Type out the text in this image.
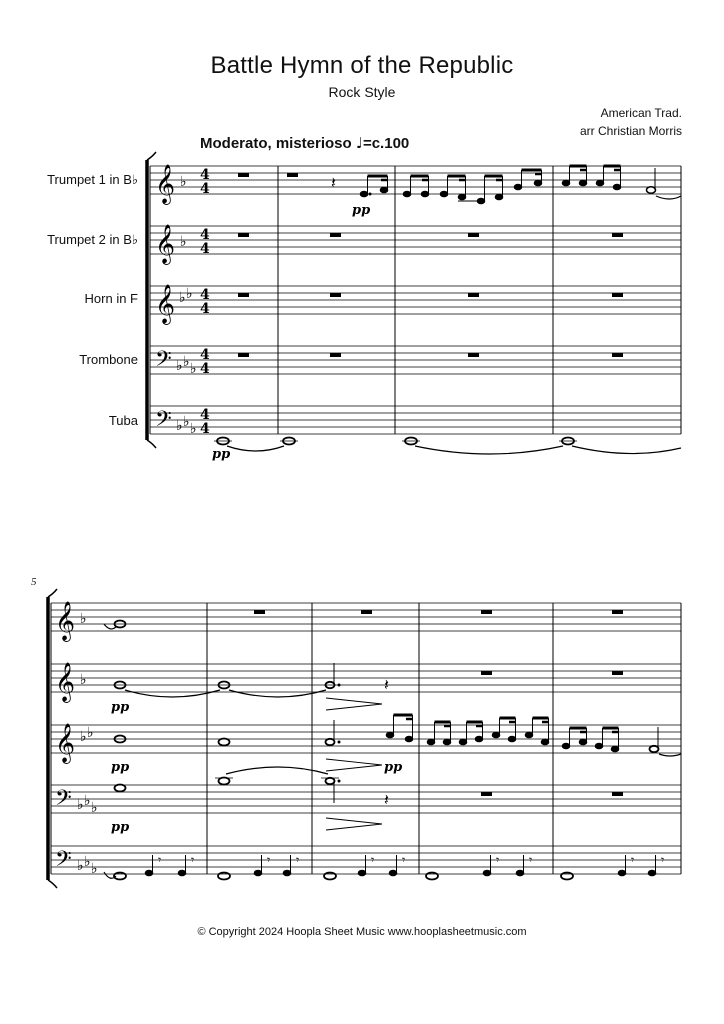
Battle Hymn of the Republic
Rock Style
American Trad.
arr Christian Morris
Moderato, misterioso ♩=c.100
Trumpet 1 in B♭
Trumpet 2 in B♭
Horn in F
Trombone
Tuba
5
𝄞
𝄞
𝄞
𝄢
𝄢
♭
♭
♭ ♭
♭ ♭ ♭
♭ ♭ ♭
4
4
4
4
4
4
4
4
4
4
𝄽
pp
pp
𝄞
𝄞
𝄞
𝄢
𝄢
♭
♭
♭ ♭
♭ ♭ ♭
♭ ♭ ♭
𝄽
pp
pp	pp
𝄽
pp
𝄾 𝄾	𝄾 𝄾	𝄾 𝄾	𝄾 𝄾	𝄾 𝄾
© Copyright 2024 Hoopla Sheet Music www.hooplasheetmusic.com
